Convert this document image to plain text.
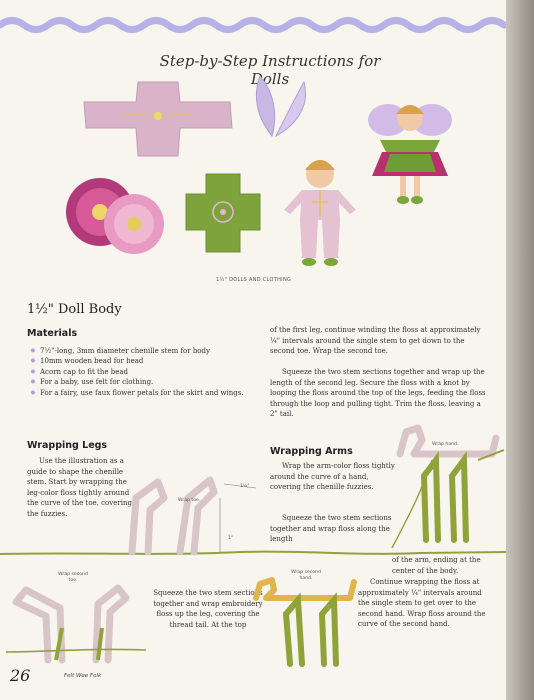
Step-by-Step Instructions for Dolls
1½" DOLLS AND CLOTHING
1½" Doll Body
Materials
✸ 7½"-long, 3mm diameter chenille stem for body
✸ 10mm wooden bead for head
✸ Acorn cap to fit the bead
✸ For a baby, use felt for clothing.
✸ For a fairy, use faux flower petals for the skirt and wings.
of the first leg, continue winding the floss at approximately ¼" intervals around the single stem to get down to the second toe. Wrap the second toe.
Squeeze the two stem sections together and wrap up the length of the second leg. Secure the floss with a knot by looping the floss around the top of the legs, feeding the floss through the loop and pulling tight. Trim the floss, leaving a 2" tail.
Wrapping Legs
Use the illustration as a guide to shape the chenille stem. Start by wrapping the leg-color floss tightly around the curve of the toe, covering the fuzzies.
Wrapping Arms
Wrap the arm-color floss tightly around the curve of a hand, covering the chenille fuzzies.
Squeeze the two stem sections together and wrap floss along the length
of the arm, ending at the center of the body.
Continue wrapping the floss at approximately ¼" intervals around the single stem to get over to the second hand. Wrap floss around the curve of the second hand.
Wrap toe.
1¼"
1"
Wrap second toe.
Squeeze the two stem sections together and wrap embroidery floss up the leg, covering the thread tail. At the top
Wrap hand.
Wrap second hand.
26	Felt Wee Folk
